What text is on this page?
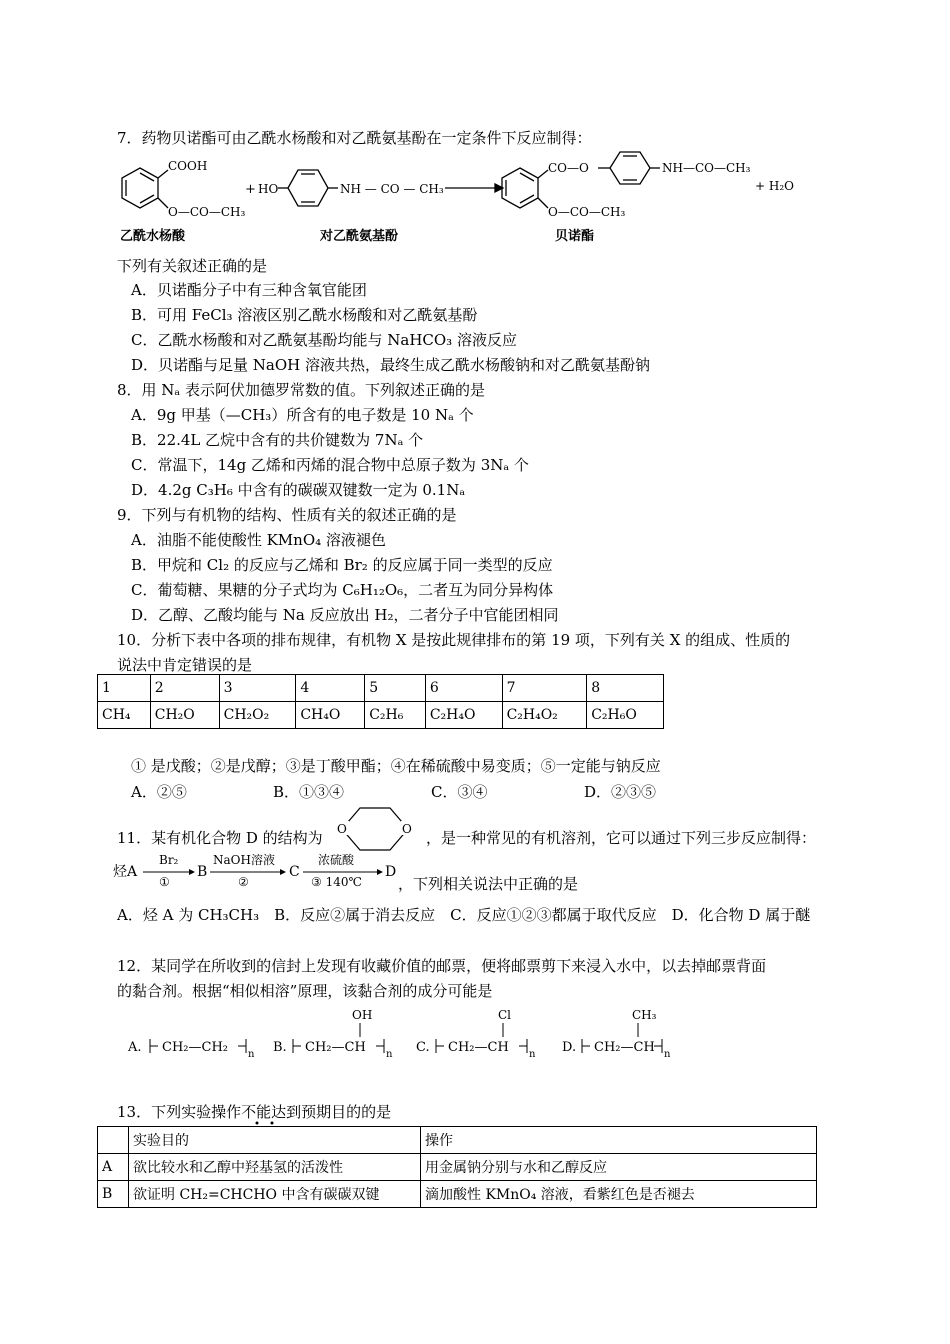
7．药物贝诺酯可由乙酰水杨酸和对乙酰氨基酚在一定条件下反应制得：
COOH
O—CO—CH₃
+ HO	NH — CO — CH₃
CO—O	NH—CO—CH₃
O—CO—CH₃
+ H₂O
乙酰水杨酸	对乙酰氨基酚	贝诺酯
下列有关叙述正确的是
A．贝诺酯分子中有三种含氧官能团
B．可用 FeCl₃ 溶液区别乙酰水杨酸和对乙酰氨基酚
C．乙酰水杨酸和对乙酰氨基酚均能与 NaHCO₃ 溶液反应
D．贝诺酯与足量 NaOH 溶液共热，最终生成乙酰水杨酸钠和对乙酰氨基酚钠
8．用 Nₐ 表示阿伏加德罗常数的值。下列叙述正确的是
A．9g 甲基（—CH₃）所含有的电子数是 10 Nₐ 个
B．22.4L 乙烷中含有的共价键数为 7Nₐ 个
C．常温下，14g 乙烯和丙烯的混合物中总原子数为 3Nₐ 个
D．4.2g C₃H₆ 中含有的碳碳双键数一定为 0.1Nₐ
9．下列与有机物的结构、性质有关的叙述正确的是
A．油脂不能使酸性 KMnO₄ 溶液褪色
B．甲烷和 Cl₂ 的反应与乙烯和 Br₂ 的反应属于同一类型的反应
C．葡萄糖、果糖的分子式均为 C₆H₁₂O₆，二者互为同分异构体
D．乙醇、乙酸均能与 Na 反应放出 H₂，二者分子中官能团相同
10．分析下表中各项的排布规律，有机物 X 是按此规律排布的第 19 项，下列有关 X 的组成、性质的
说法中肯定错误的是
1	2	3	4	5	6	7	8
CH₄	CH₂O	CH₂O₂	CH₄O	C₂H₆	C₂H₄O	C₂H₄O₂	C₂H₆O
① 是戊酸；②是戊醇；③是丁酸甲酯；④在稀硫酸中易变质；⑤一定能与钠反应
A．②⑤	B．①③④	C．③④	D．②③⑤
11．某有机化合物 D 的结构为 O	O ，是一种常见的有机溶剂，它可以通过下列三步反应制得：
烃A
Br₂
①
B
NaOH溶液
②
C
浓硫酸
③ 140℃
D
，下列相关说法中正确的是
A．烃 A 为 CH₃CH₃　B．反应②属于消去反应　C．反应①②③都属于取代反应　D．化合物 D 属于醚
12．某同学在所收到的信封上发现有收藏价值的邮票，便将邮票剪下来浸入水中，以去掉邮票背面
的黏合剂。根据“相似相溶”原理，该黏合剂的成分可能是
A. CH₂—CH₂ n B. CH₂—CH
OH
n C. CH₂—CH
Cl
n D. CH₂—CH
CH₃
n
13．下列实验操作不能达到预期目的的是
	实验目的	操作
A	欲比较水和乙醇中羟基氢的活泼性	用金属钠分别与水和乙醇反应
B	欲证明 CH₂=CHCHO 中含有碳碳双键	滴加酸性 KMnO₄ 溶液，看紫红色是否褪去
